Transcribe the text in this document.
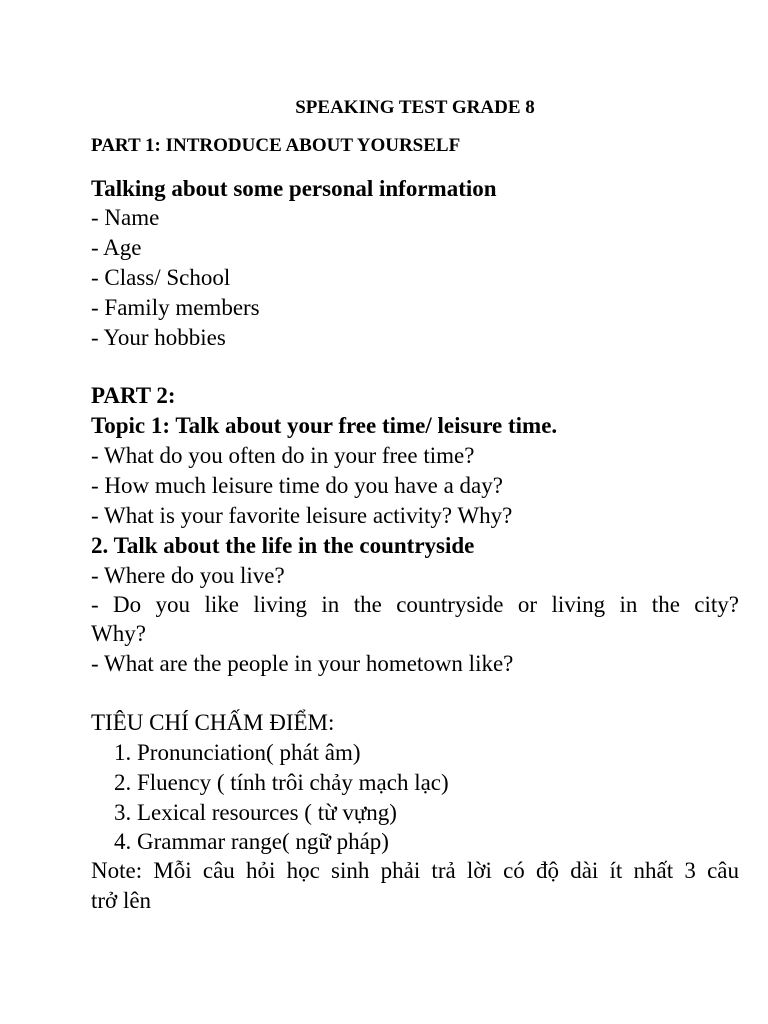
SPEAKING TEST GRADE 8
PART 1: INTRODUCE ABOUT YOURSELF
Talking about some personal information
- Name
- Age
- Class/ School
- Family members
- Your hobbies
PART 2:
Topic 1: Talk about your free time/ leisure time.
- What do you often do in your free time?
- How much leisure time do you have a day?
- What is your favorite leisure activity? Why?
2. Talk about the life in the countryside
- Where do you live?
- Do you like living in the countryside or living in the city?
Why?
- What are the people in your hometown like?
TIÊU CHÍ CHẤM ĐIỂM:
1. Pronunciation( phát âm)
2. Fluency ( tính trôi chảy mạch lạc)
3. Lexical resources ( từ vựng)
4. Grammar range( ngữ pháp)
Note: Mỗi câu hỏi học sinh phải trả lời có độ dài ít nhất 3 câu
trở lên
